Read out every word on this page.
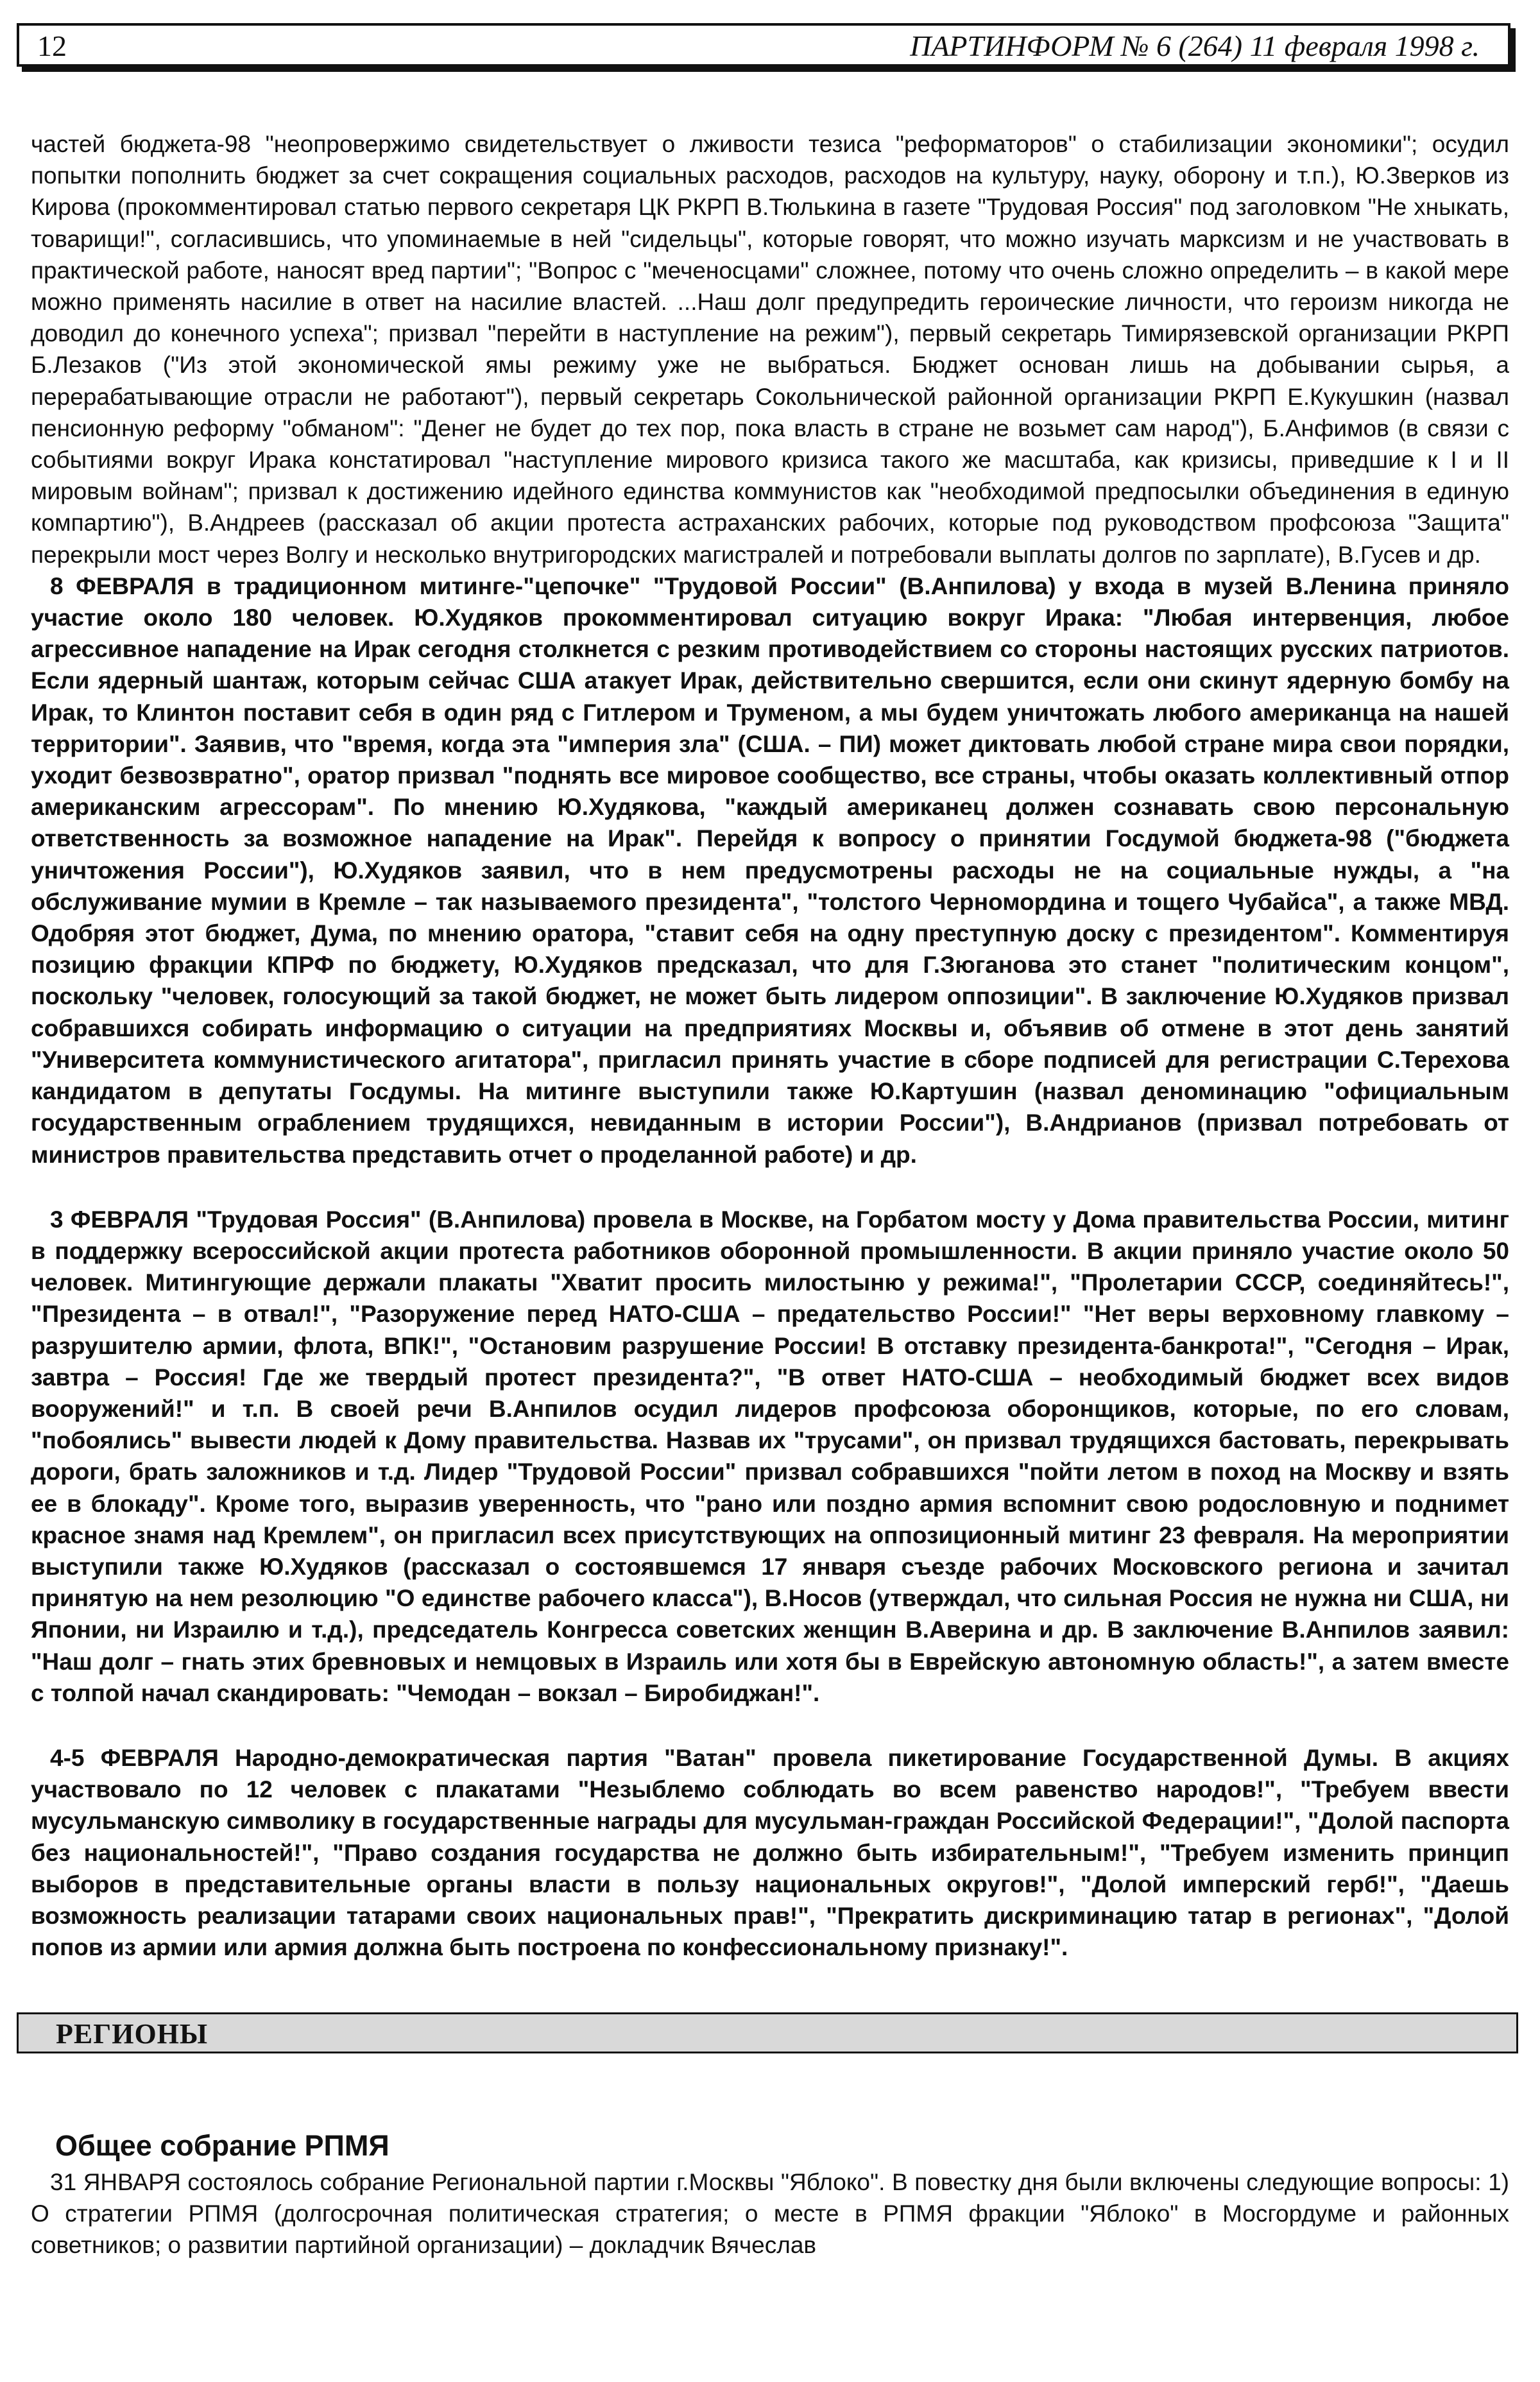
12	ПАРТИНФОРМ № 6 (264) 11 февраля 1998 г.

частей бюджета-98 "неопровержимо свидетельствует о лживости тезиса "реформаторов" о стабилизации экономики"; осудил попытки пополнить бюджет за счет сокращения социальных расходов, расходов на культуру, науку, оборону и т.п.), Ю.Зверков из Кирова (прокомментировал статью первого секретаря ЦК РКРП В.Тюлькина в газете "Трудовая Россия" под заголовком "Не хныкать, товарищи!", согласившись, что упоминаемые в ней "сидельцы", которые говорят, что можно изучать марксизм и не участвовать в практической работе, наносят вред партии"; "Вопрос с "меченосцами" сложнее, потому что очень сложно определить – в какой мере можно применять насилие в ответ на насилие властей. ...Наш долг предупредить героические личности, что героизм никогда не доводил до конечного успеха"; призвал "перейти в наступление на режим"), первый секретарь Тимирязевской организации РКРП Б.Лезаков ("Из этой экономической ямы режиму уже не выбраться. Бюджет основан лишь на добывании сырья, а перерабатывающие отрасли не работают"), первый секретарь Сокольнической районной организации РКРП Е.Кукушкин (назвал пенсионную реформу "обманом": "Денег не будет до тех пор, пока власть в стране не возьмет сам народ"), Б.Анфимов (в связи с событиями вокруг Ирака констатировал "наступление мирового кризиса такого же масштаба, как кризисы, приведшие к I и II мировым войнам"; призвал к достижению идейного единства коммунистов как "необходимой предпосылки объединения в единую компартию"), В.Андреев (рассказал об акции протеста астраханских рабочих, которые под руководством профсоюза "Защита" перекрыли мост через Волгу и несколько внутригородских магистралей и потребовали выплаты долгов по зарплате), В.Гусев и др.

8 ФЕВРАЛЯ в традиционном митинге-"цепочке" "Трудовой России" (В.Анпилова) у входа в музей В.Ленина приняло участие около 180 человек. Ю.Худяков прокомментировал ситуацию вокруг Ирака: "Любая интервенция, любое агрессивное нападение на Ирак сегодня столкнется с резким противодействием со стороны настоящих русских патриотов. Если ядерный шантаж, которым сейчас США атакует Ирак, действительно свершится, если они скинут ядерную бомбу на Ирак, то Клинтон поставит себя в один ряд с Гитлером и Труменом, а мы будем уничтожать любого американца на нашей территории". Заявив, что "время, когда эта "империя зла" (США. – ПИ) может диктовать любой стране мира свои порядки, уходит безвозвратно", оратор призвал "поднять все мировое сообщество, все страны, чтобы оказать коллективный отпор американским агрессорам". По мнению Ю.Худякова, "каждый американец должен сознавать свою персональную ответственность за возможное нападение на Ирак". Перейдя к вопросу о принятии Госдумой бюджета-98 ("бюджета уничтожения России"), Ю.Худяков заявил, что в нем предусмотрены расходы не на социальные нужды, а "на обслуживание мумии в Кремле – так называемого президента", "толстого Черномордина и тощего Чубайса", а также МВД. Одобряя этот бюджет, Дума, по мнению оратора, "ставит себя на одну преступную доску с президентом". Комментируя позицию фракции КПРФ по бюджету, Ю.Худяков предсказал, что для Г.Зюганова это станет "политическим концом", поскольку "человек, голосующий за такой бюджет, не может быть лидером оппозиции". В заключение Ю.Худяков призвал собравшихся собирать информацию о ситуации на предприятиях Москвы и, объявив об отмене в этот день занятий "Университета коммунистического агитатора", пригласил принять участие в сборе подписей для регистрации С.Терехова кандидатом в депутаты Госдумы. На митинге выступили также Ю.Картушин (назвал деноминацию "официальным государственным ограблением трудящихся, невиданным в истории России"), В.Андрианов (призвал потребовать от министров правительства представить отчет о проделанной работе) и др.

3 ФЕВРАЛЯ "Трудовая Россия" (В.Анпилова) провела в Москве, на Горбатом мосту у Дома правительства России, митинг в поддержку всероссийской акции протеста работников оборонной промышленности. В акции приняло участие около 50 человек. Митингующие держали плакаты "Хватит просить милостыню у режима!", "Пролетарии СССР, соединяйтесь!", "Президента – в отвал!", "Разоружение перед НАТО-США – предательство России!" "Нет веры верховному главкому – разрушителю армии, флота, ВПК!", "Остановим разрушение России! В отставку президента-банкрота!", "Сегодня – Ирак, завтра – Россия! Где же твердый протест президента?", "В ответ НАТО-США – необходимый бюджет всех видов вооружений!" и т.п. В своей речи В.Анпилов осудил лидеров профсоюза оборонщиков, которые, по его словам, "побоялись" вывести людей к Дому правительства. Назвав их "трусами", он призвал трудящихся бастовать, перекрывать дороги, брать заложников и т.д. Лидер "Трудовой России" призвал собравшихся "пойти летом в поход на Москву и взять ее в блокаду". Кроме того, выразив уверенность, что "рано или поздно армия вспомнит свою родословную и поднимет красное знамя над Кремлем", он пригласил всех присутствующих на оппозиционный митинг 23 февраля. На мероприятии выступили также Ю.Худяков (рассказал о состоявшемся 17 января съезде рабочих Московского региона и зачитал принятую на нем резолюцию "О единстве рабочего класса"), В.Носов (утверждал, что сильная Россия не нужна ни США, ни Японии, ни Израилю и т.д.), председатель Конгресса советских женщин В.Аверина и др. В заключение В.Анпилов заявил: "Наш долг – гнать этих бревновых и немцовых в Израиль или хотя бы в Еврейскую автономную область!", а затем вместе с толпой начал скандировать: "Чемодан – вокзал – Биробиджан!".

4-5 ФЕВРАЛЯ Народно-демократическая партия "Ватан" провела пикетирование Государственной Думы. В акциях участвовало по 12 человек с плакатами "Незыблемо соблюдать во всем равенство народов!", "Требуем ввести мусульманскую символику в государственные награды для мусульман-граждан Российской Федерации!", "Долой паспорта без национальностей!", "Право создания государства не должно быть избирательным!", "Требуем изменить принцип выборов в представительные органы власти в пользу национальных округов!", "Долой имперский герб!", "Даешь возможность реализации татарами своих национальных прав!", "Прекратить дискриминацию татар в регионах", "Долой попов из армии или армия должна быть построена по конфессиональному признаку!".

РЕГИОНЫ
Общее собрание РПМЯ

31 ЯНВАРЯ состоялось собрание Региональной партии г.Москвы "Яблоко". В повестку дня были включены следующие вопросы: 1) О стратегии РПМЯ (долгосрочная политическая стратегия; о месте в РПМЯ фракции "Яблоко" в Мосгордуме и районных советников; о развитии партийной организации) – докладчик Вячеслав
